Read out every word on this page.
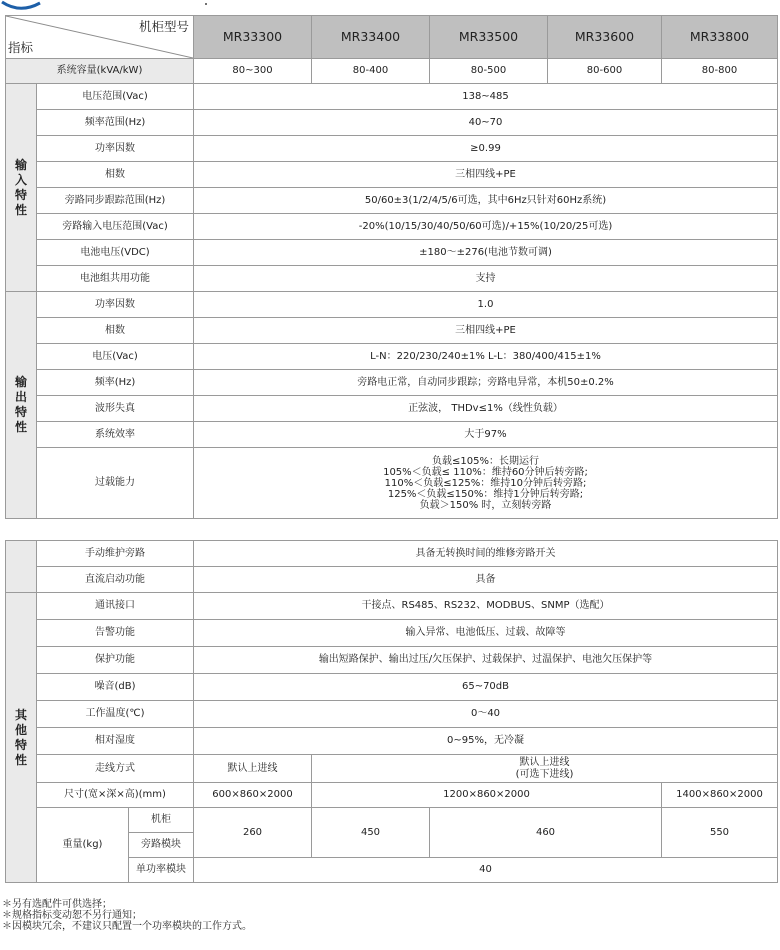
机柜型号
指标		MR33300	MR33400	MR33500	MR33600	MR33800
系统容量(kVA/kW)		80~300	80-400	80-500	80-600	80-800

输入特性	电压范围(Vac)	138~485				
	频率范围(Hz)	40~70				
	功率因数	≥0.99				
	相数	三相四线+PE				
	旁路同步跟踪范围(Hz)	50/60±3(1/2/4/5/6可选，其中6Hz只针对60Hz系统)				
	旁路输入电压范围(Vac)	-20%(10/15/30/40/50/60可选)/+15%(10/20/25可选)				
	电池电压(VDC)	±180～±276(电池节数可调)				
	电池组共用功能	支持				

输出特性	功率因数	1.0				
	相数	三相四线+PE				
	电压(Vac)	L-N：220/230/240±1% L-L：380/400/415±1%				
	频率(Hz)	旁路电正常，自动同步跟踪；旁路电异常，本机50±0.2%				
	波形失真	正弦波， THDv≤1%（线性负载）				
	系统效率	大于97%				
	过载能力	负载≤105%：长期运行
105%＜负载≤ 110%：维持60分钟后转旁路;
110%＜负载≤125%：维持10分钟后转旁路;
125%＜负载≤150%：维持1分钟后转旁路;
负载＞150% 时，立刻转旁路				
	手动维护旁路		具备无转换时间的维修旁路开关			
	直流启动功能		具备			

其他特性	通讯接口		干接点、RS485、RS232、MODBUS、SNMP（选配）			
	告警功能		输入异常、电池低压、过载、故障等			
	保护功能		输出短路保护、输出过压/欠压保护、过载保护、过温保护、电池欠压保护等			
	噪音(dB)		65~70dB			
	工作温度(℃)		0～40			
	相对湿度		0~95%，无冷凝			
	走线方式		默认上进线	默认上进线
(可选下进线)		

	尺寸(宽×深×高)(mm)		600×860×2000	1200×860×2000		1400×860×2000
	重量(kg)	机柜	260	450	460	550
		旁路模块				
		单功率模块	40			
＊另有选配件可供选择；
＊规格指标变动恕不另行通知；
＊因模块冗余，不建议只配置一个功率模块的工作方式。
